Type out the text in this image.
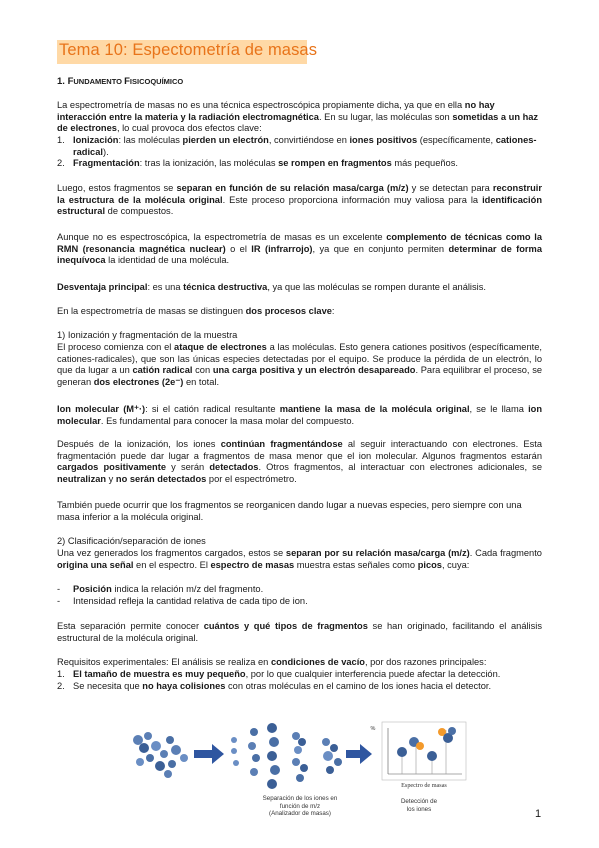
Tema 10: Espectometría de masas
1. FUNDAMENTO FISICOQUÍMICO
La espectrometría de masas no es una técnica espectroscópica propiamente dicha, ya que en ella no hay interacción entre la materia y la radiación electromagnética. En su lugar, las moléculas son sometidas a un haz de electrones, lo cual provoca dos efectos clave:
1. Ionización: las moléculas pierden un electrón, convirtiéndose en iones positivos (específicamente, cationes-radical).
2. Fragmentación: tras la ionización, las moléculas se rompen en fragmentos más pequeños.
Luego, estos fragmentos se separan en función de su relación masa/carga (m/z) y se detectan para reconstruir la estructura de la molécula original. Este proceso proporciona información muy valiosa para la identificación estructural de compuestos.
Aunque no es espectroscópica, la espectrometría de masas es un excelente complemento de técnicas como la RMN (resonancia magnética nuclear) o el IR (infrarrojo), ya que en conjunto permiten determinar de forma inequívoca la identidad de una molécula.
Desventaja principal: es una técnica destructiva, ya que las moléculas se rompen durante el análisis.
En la espectrometría de masas se distinguen dos procesos clave:
1) Ionización y fragmentación de la muestra
El proceso comienza con el ataque de electrones a las moléculas. Esto genera cationes positivos (específicamente, cationes-radicales), que son las únicas especies detectadas por el equipo. Se produce la pérdida de un electrón, lo que da lugar a un catión radical con una carga positiva y un electrón desapareado. Para equilibrar el proceso, se generan dos electrones (2e⁻) en total.
Ion molecular (M⁺·): si el catión radical resultante mantiene la masa de la molécula original, se le llama ion molecular. Es fundamental para conocer la masa molar del compuesto.
Después de la ionización, los iones continúan fragmentándose al seguir interactuando con electrones. Esta fragmentación puede dar lugar a fragmentos de masa menor que el ion molecular. Algunos fragmentos estarán cargados positivamente y serán detectados. Otros fragmentos, al interactuar con electrones adicionales, se neutralizan y no serán detectados por el espectrómetro.
También puede ocurrir que los fragmentos se reorganicen dando lugar a nuevas especies, pero siempre con una masa inferior a la molécula original.
2) Clasificación/separación de iones
Una vez generados los fragmentos cargados, estos se separan por su relación masa/carga (m/z). Cada fragmento origina una señal en el espectro. El espectro de masas muestra estas señales como picos, cuya:
-	Posición indica la relación m/z del fragmento.
-	Intensidad refleja la cantidad relativa de cada tipo de ion.
Esta separación permite conocer cuántos y qué tipos de fragmentos se han originado, facilitando el análisis estructural de la molécula original.
Requisitos experimentales: El análisis se realiza en condiciones de vacío, por dos razones principales:
1. El tamaño de muestra es muy pequeño, por lo que cualquier interferencia puede afectar la detección.
2. Se necesita que no haya colisiones con otras moléculas en el camino de los iones hacia el detector.
%
Espectro de masas
Separación de los iones en
función de m/z
(Analizador de masas)
Detección de
los iones	1
